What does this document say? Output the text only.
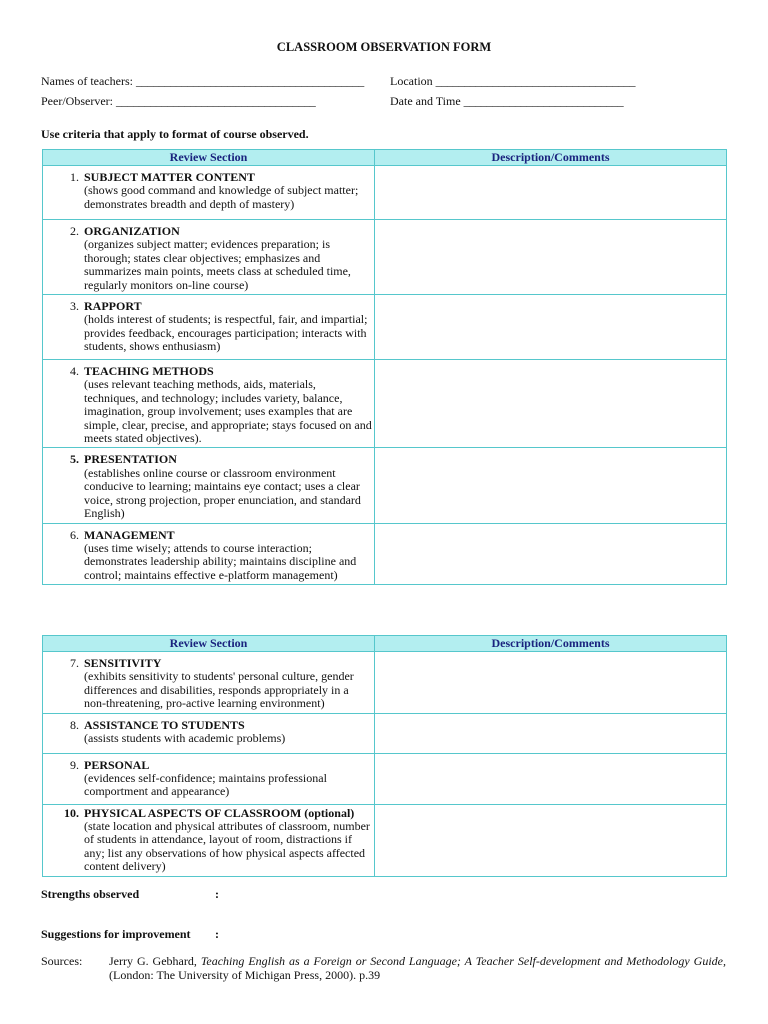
CLASSROOM OBSERVATION FORM
Names of teachers: ________________________________________ Location ___________________________________
Peer/Observer: ___________________________________	Date and Time ____________________________
Use criteria that apply to format of course observed.
Review Section	Description/Comments

1. SUBJECT MATTER CONTENT
(shows good command and knowledge of subject matter; demonstrates breadth and depth of mastery)	

2. ORGANIZATION
(organizes subject matter; evidences preparation; is thorough; states clear objectives; emphasizes and summarizes main points, meets class at scheduled time, regularly monitors on-line course)	

3. RAPPORT
(holds interest of students; is respectful, fair, and impartial; provides feedback, encourages participation; interacts with students, shows enthusiasm)	

4. TEACHING METHODS
(uses relevant teaching methods, aids, materials, techniques, and technology; includes variety, balance, imagination, group involvement; uses examples that are simple, clear, precise, and appropriate; stays focused on and meets stated objectives).	

5. PRESENTATION
(establishes online course or classroom environment conducive to learning; maintains eye contact; uses a clear voice, strong projection, proper enunciation, and standard English)	

6. MANAGEMENT
(uses time wisely; attends to course interaction; demonstrates leadership ability; maintains discipline and control; maintains effective e-platform management)	

Review Section	Description/Comments

7. SENSITIVITY
(exhibits sensitivity to students' personal culture, gender differences and disabilities, responds appropriately in a non-threatening, pro-active learning environment)	

8. ASSISTANCE TO STUDENTS
(assists students with academic problems)	

9. PERSONAL
(evidences self-confidence; maintains professional comportment and appearance)	

10. PHYSICAL ASPECTS OF CLASSROOM (optional)
(state location and physical attributes of classroom, number of students in attendance, layout of room, distractions if any; list any observations of how physical aspects affected content delivery)	

Strengths observed	:
Suggestions for improvement :
Sources: Jerry G. Gebhard, Teaching English as a Foreign or Second Language; A Teacher Self-development and Methodology Guide, (London: The University of Michigan Press, 2000). p.39
